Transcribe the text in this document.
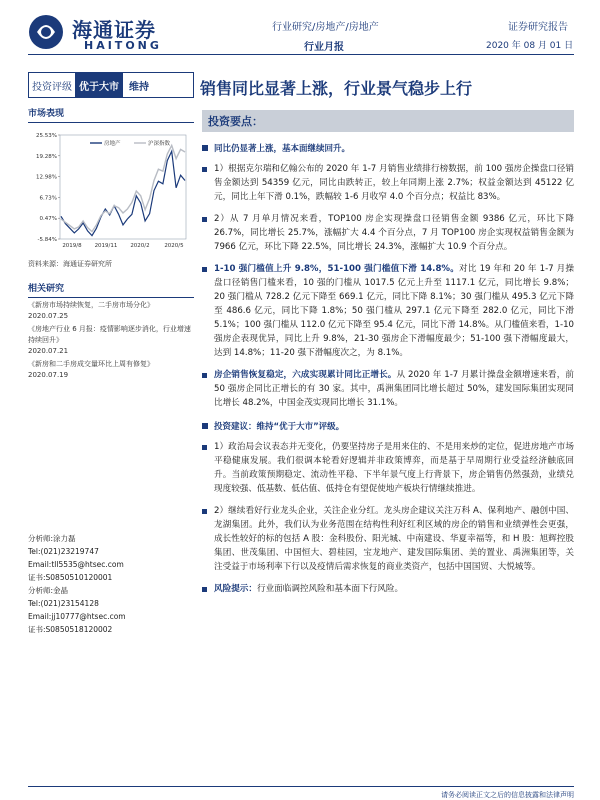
海通证券
HAITONG
行业研究/房地产/房地产
行业月报
证券研究报告
2020 年 08 月 01 日
投资评级 优于大市	维持	销售同比显著上涨，行业景气稳步上行
市场表现
25.53%
19.28%
12.98%
6.73%
0.47%
-5.84%
2019/8 2019/11 2020/2	2020/5
房地产	沪深指数
资料来源：海通证券研究所
相关研究
《新房市场持续恢复，二手房市场分化》
2020.07.25
《房地产行业 6 月报：疫情影响逐步消化，行业增速持续回升》
2020.07.21
《新房和二手房成交量环比上周有修复》
2020.07.19
分析师:涂力磊
Tel:(021)23219747
Email:tll5535@htsec.com
证书:S0850510120001
分析师:金晶
Tel:(021)23154128
Email:jj10777@htsec.com
证书:S0850518120002
投资要点：
同比仍显著上涨，基本面继续回升。
1）根据克尔瑞和亿翰公布的 2020 年 1-7 月销售业绩排行榜数据，前 100 强房企操盘口径销售金额达到 54359 亿元，同比由跌转正，较上年同期上涨 2.7%；权益金额达到 45122 亿元，同比上年下滑 0.1%，跌幅较 1-6 月收窄 4.0 个百分点；权益比 83%。
2）从 7 月单月情况来看，TOP100 房企实现操盘口径销售金额 9386 亿元，环比下降 26.7%，同比增长 25.7%，涨幅扩大 4.4 个百分点，7 月 TOP100 房企实现权益销售金额为 7966 亿元，环比下降 22.5%，同比增长 24.3%，涨幅扩大 10.9 个百分点。
1-10 强门槛值上升 9.8%，51-100 强门槛值下滑 14.8%。对比 19 年和 20 年 1-7 月操盘口径销售门槛来看，10 强的门槛从 1017.5 亿元上升至 1117.1 亿元，同比增长 9.8%；20 强门槛从 728.2 亿元下降至 669.1 亿元，同比下降 8.1%；30 强门槛从 495.3 亿元下降至 486.6 亿元，同比下降 1.8%；50 强门槛从 297.1 亿元下降至 282.0 亿元，同比下滑 5.1%；100 强门槛从 112.0 亿元下降至 95.4 亿元，同比下滑 14.8%。从门槛值来看，1-10 强房企表现优异，同比上升 9.8%，21-30 强房企下滑幅度最少；51-100 强下滑幅度最大，达到 14.8%；11-20 强下滑幅度次之，为 8.1%。
房企销售恢复稳定，六成实现累计同比正增长。从 2020 年 1-7 月累计操盘金额增速来看，前 50 强房企同比正增长的有 30 家。其中，禹洲集团同比增长超过 50%，建发国际集团实现同比增长 48.2%，中国金茂实现同比增长 31.1%。
投资建议：维持“优于大市”评级。
1）政治局会议表态并无变化，仍要坚持房子是用来住的、不是用来炒的定位，促进房地产市场平稳健康发展。我们很调本轮看好逻辑并非政策博弈，而是基于早周期行业受益经济触底回升。当前政策预期稳定、流动性平稳、下半年景气度上行背景下，房企销售仍然强劲，业绩兑现度较强、低基数、低估值、低持仓有望促使地产板块行情继续推进。
2）继续看好行业龙头企业，关注企业分红。龙头房企建议关注万科 A、保利地产、融创中国、龙湖集团。此外，我们认为业务范围在结构性利好红利区域的房企的销售和业绩弹性会更强，成长性较好的标的包括 A 股：金科股份、阳光城、中南建设、华夏幸福等，和 H 股：旭辉控股集团、世茂集团、中国恒大、碧桂园，宝龙地产、建发国际集团、美的置业、禹洲集团等，关注受益于市场利率下行以及疫情后需求恢复的商业类资产，包括中国国贸、大悦城等。
风险提示：行业面临调控风险和基本面下行风险。
请务必阅读正文之后的信息披露和法律声明
